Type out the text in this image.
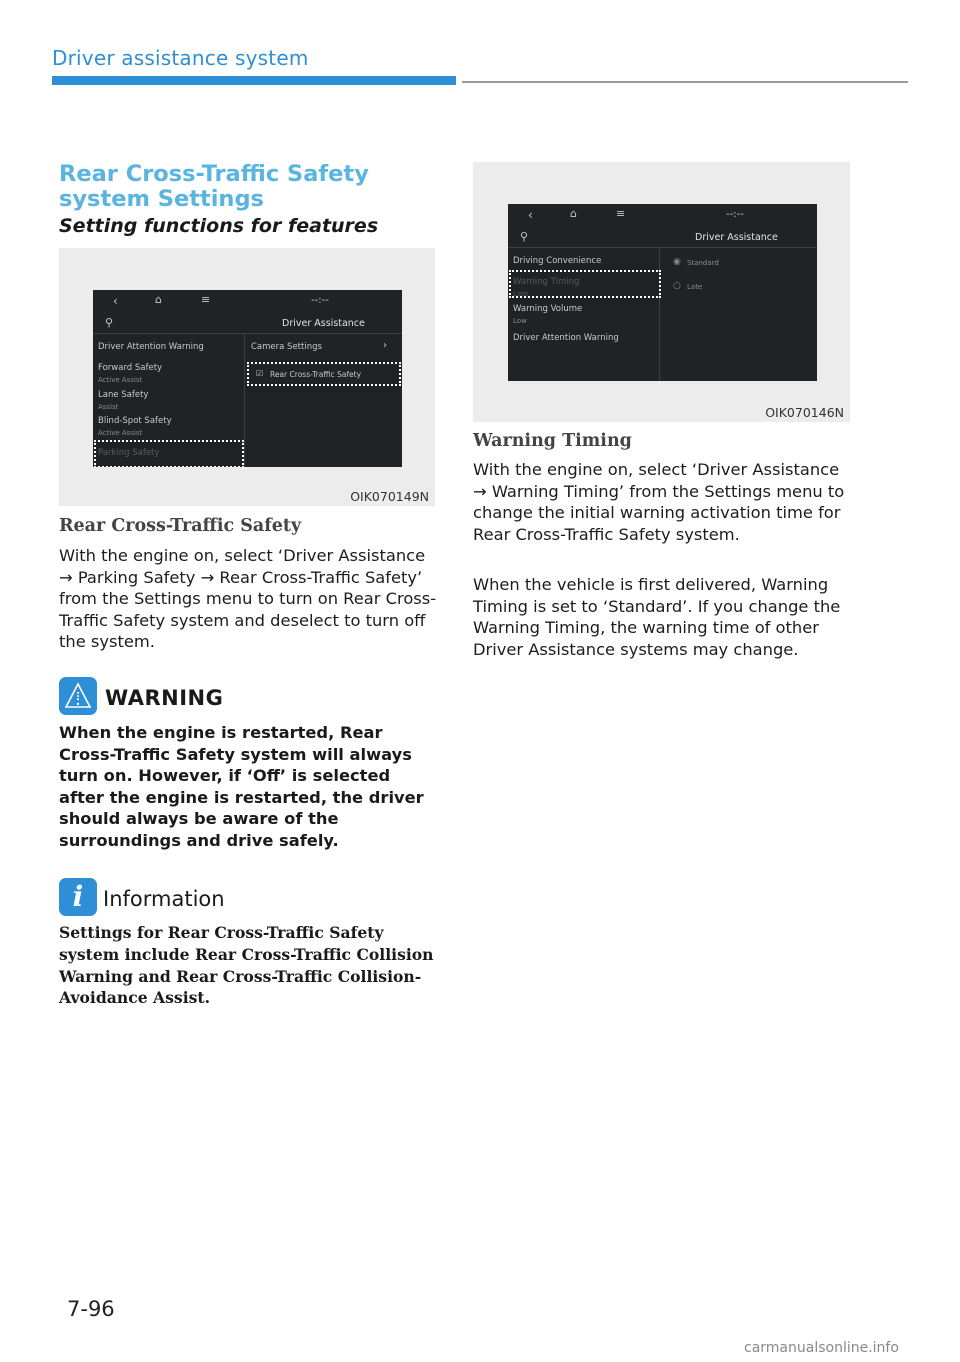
Driver assistance system
Rear Cross-Traffic Safety system Settings
Setting functions for features
‹	⌂	≡	--:--
⚲	Driver Assistance
Driver Attention Warning
Forward Safety
Active Assist
Lane Safety
Assist
Blind-Spot Safety
Active Assist
Parking Safety
Camera Settings	›
☑ Rear Cross-Traffic Safety
OIK070149N
Rear Cross-Traffic Safety
With the engine on, select ‘Driver Assistance → Parking Safety → Rear Cross-Traffic Safety’ from the Settings menu to turn on Rear Cross-Traffic Safety system and deselect to turn off the system.
WARNING
When the engine is restarted, Rear Cross-Traffic Safety system will always turn on. However, if ‘Off’ is selected after the engine is restarted, the driver should always be aware of the surroundings and drive safely.
i Information
Settings for Rear Cross-Traffic Safety system include Rear Cross-Traffic Collision Warning and Rear Cross-Traffic Collision-Avoidance Assist.
‹	⌂	≡	--:--
⚲	Driver Assistance
Driving Convenience
Warning Timing
Late
Warning Volume
Low
Driver Attention Warning
◉ Standard
○ Late
OIK070146N
Warning Timing
With the engine on, select ‘Driver Assistance → Warning Timing’ from the Settings menu to change the initial warning activation time for Rear Cross-Traffic Safety system.
When the vehicle is first delivered, Warning Timing is set to ‘Standard’. If you change the Warning Timing, the warning time of other Driver Assistance systems may change.
7-96
carmanualsonline.info
